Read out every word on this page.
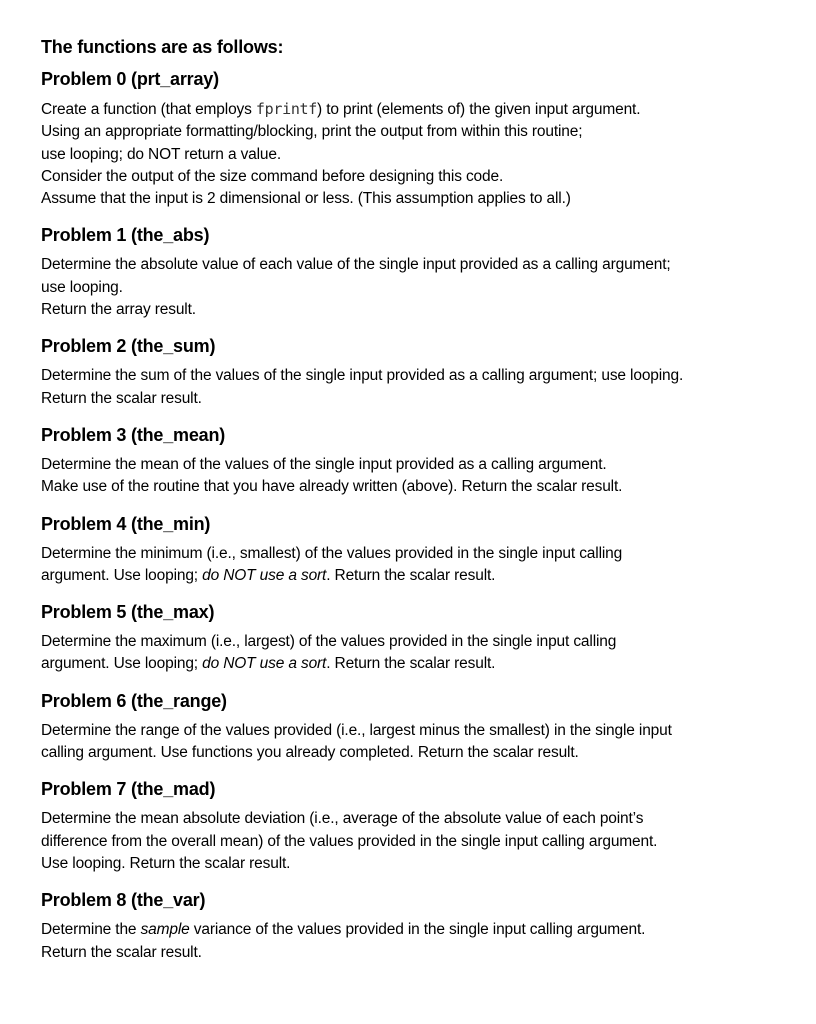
The functions are as follows:
Problem 0 (prt_array)
Create a function (that employs fprintf) to print (elements of) the given input argument.
Using an appropriate formatting/blocking, print the output from within this routine;
use looping; do NOT return a value.
Consider the output of the size command before designing this code.
Assume that the input is 2 dimensional or less. (This assumption applies to all.)
Problem 1 (the_abs)
Determine the absolute value of each value of the single input provided as a calling argument;
use looping.
Return the array result.
Problem 2 (the_sum)
Determine the sum of the values of the single input provided as a calling argument; use looping.
Return the scalar result.
Problem 3 (the_mean)
Determine the mean of the values of the single input provided as a calling argument.
Make use of the routine that you have already written (above). Return the scalar result.
Problem 4 (the_min)
Determine the minimum (i.e., smallest) of the values provided in the single input calling
argument. Use looping; do NOT use a sort. Return the scalar result.
Problem 5 (the_max)
Determine the maximum (i.e., largest) of the values provided in the single input calling
argument. Use looping; do NOT use a sort. Return the scalar result.
Problem 6 (the_range)
Determine the range of the values provided (i.e., largest minus the smallest) in the single input
calling argument. Use functions you already completed. Return the scalar result.
Problem 7 (the_mad)
Determine the mean absolute deviation (i.e., average of the absolute value of each point’s
difference from the overall mean) of the values provided in the single input calling argument.
Use looping. Return the scalar result.
Problem 8 (the_var)
Determine the sample variance of the values provided in the single input calling argument.
Return the scalar result.
